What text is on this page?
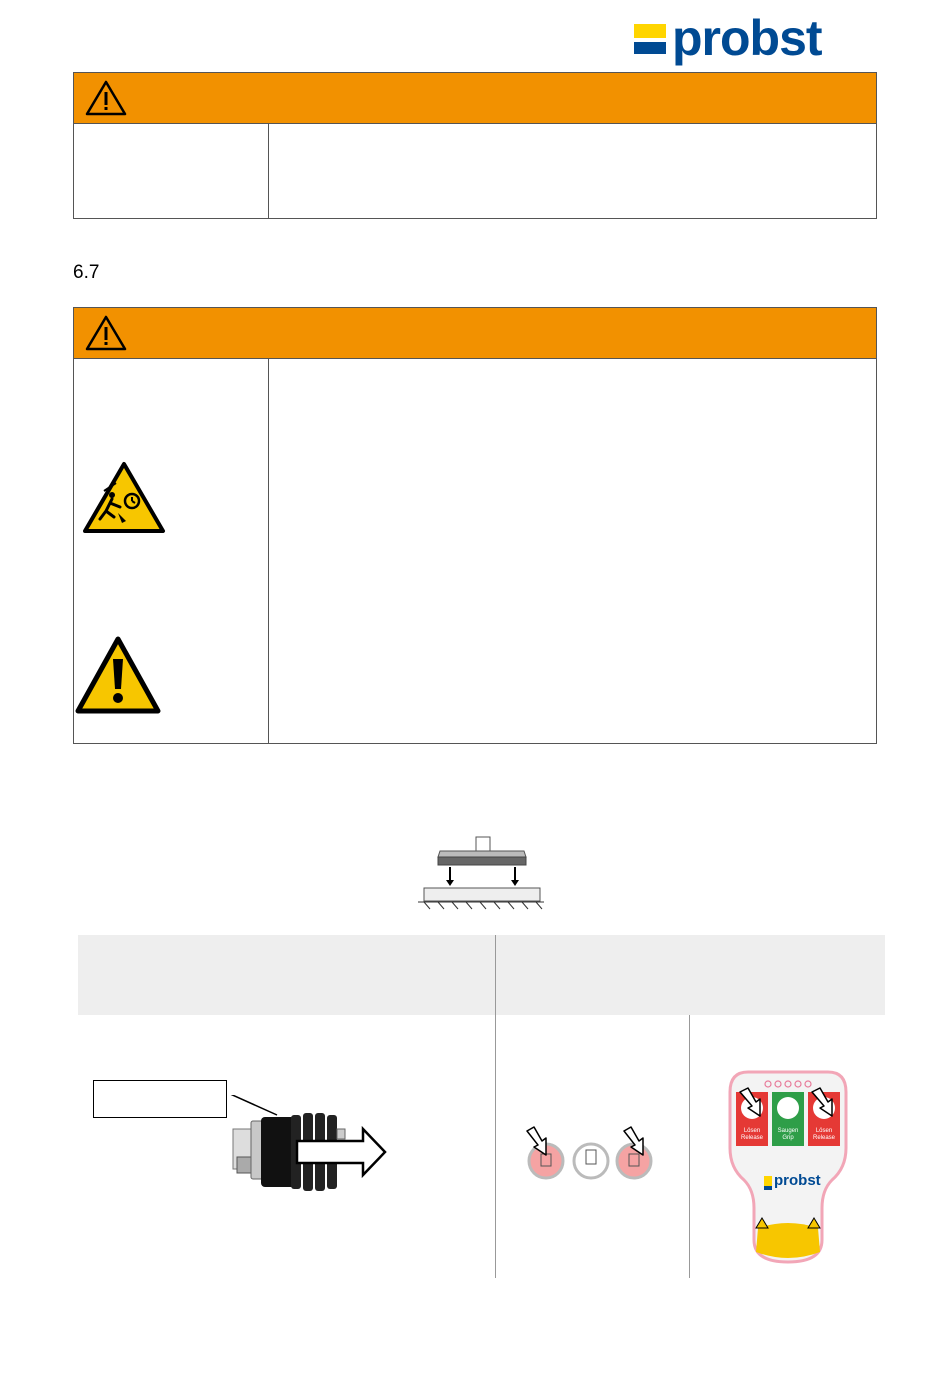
probst
6.7
Lösen
Release
Saugen
Grip
Lösen
Release
probst
